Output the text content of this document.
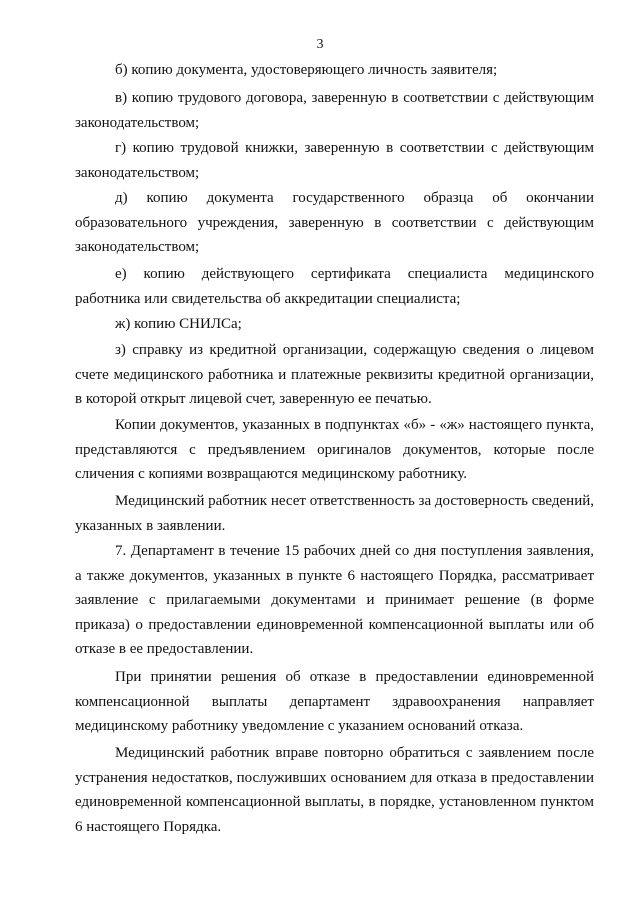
3

б) копию документа, удостоверяющего личность заявителя;

в) копию трудового договора, заверенную в соответствии с действующим законодательством;

г) копию трудовой книжки, заверенную в соответствии с действующим законодательством;

д) копию документа государственного образца об окончании образовательного учреждения, заверенную в соответствии с действующим законодательством;

е) копию действующего сертификата специалиста медицинского работника или свидетельства об аккредитации специалиста;

ж) копию СНИЛСа;

з) справку из кредитной организации, содержащую сведения о лицевом счете медицинского работника и платежные реквизиты кредитной организации, в которой открыт лицевой счет, заверенную ее печатью.

Копии документов, указанных в подпунктах «б» - «ж» настоящего пункта, представляются с предъявлением оригиналов документов, которые после сличения с копиями возвращаются медицинскому работнику.

Медицинский работник несет ответственность за достоверность сведений, указанных в заявлении.

7. Департамент в течение 15 рабочих дней со дня поступления заявления, а также документов, указанных в пункте 6 настоящего Порядка, рассматривает заявление с прилагаемыми документами и принимает решение (в форме приказа) о предоставлении единовременной компенсационной выплаты или об отказе в ее предоставлении.

При принятии решения об отказе в предоставлении единовременной компенсационной выплаты департамент здравоохранения направляет медицинскому работнику уведомление с указанием оснований отказа.

Медицинский работник вправе повторно обратиться с заявлением после устранения недостатков, послуживших основанием для отказа в предоставлении единовременной компенсационной выплаты, в порядке, установленном пунктом 6 настоящего Порядка.
